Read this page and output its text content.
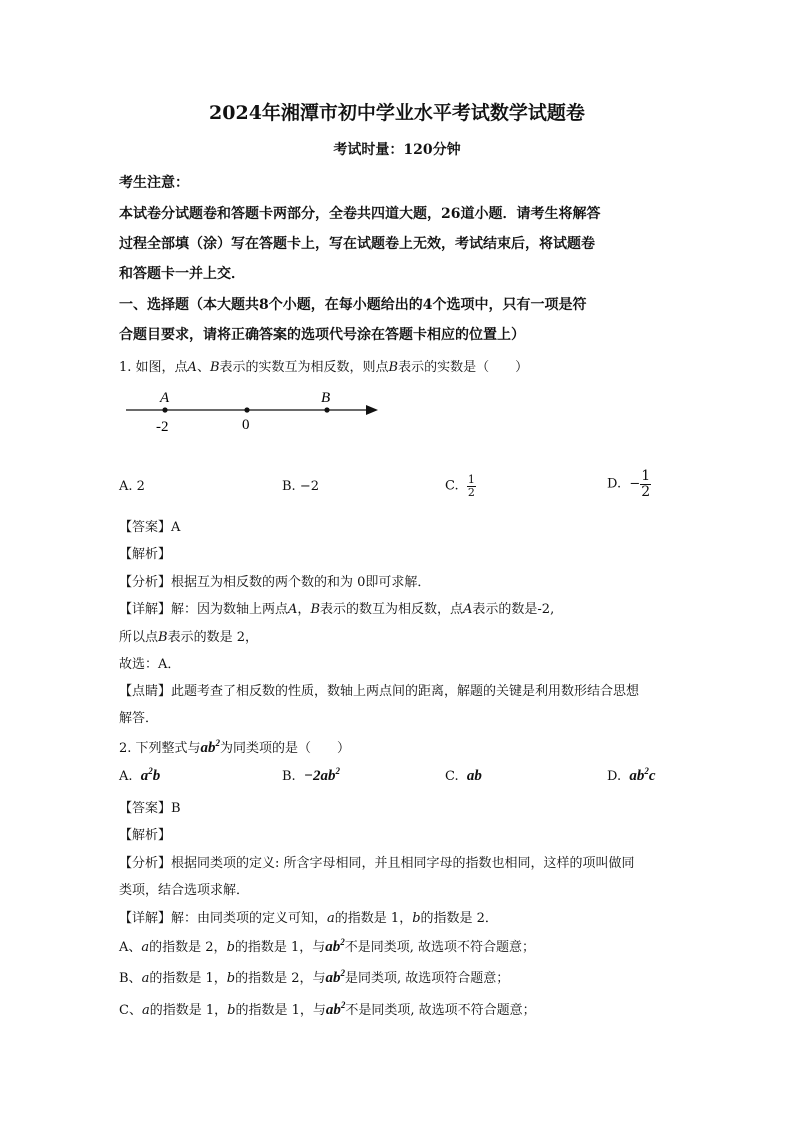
2024年湘潭市初中学业水平考试数学试题卷
考试时量：120分钟
考生注意：
本试卷分试题卷和答题卡两部分，全卷共四道大题，26道小题．请考生将解答
过程全部填（涂）写在答题卡上，写在试题卷上无效，考试结束后，将试题卷
和答题卡一并上交．
一、选择题（本大题共8个小题，在每小题给出的4个选项中，只有一项是符
合题目要求，请将正确答案的选项代号涂在答题卡相应的位置上）
1. 如图，点A、B表示的实数互为相反数，则点B表示的实数是（　　）
A	B
-2	0
A. 2	B. −2	C. $\frac{1}{2}$	D. − $\frac{1}{2}$
【答案】A
【解析】
【分析】根据互为相反数的两个数的和为 0即可求解．
【详解】解：因为数轴上两点A，B表示的数互为相反数，点A表示的数是-2,
所以点B表示的数是 2，
故选：A．
【点睛】此题考查了相反数的性质，数轴上两点间的距离，解题的关键是利用数形结合思想
解答．
2. 下列整式与$ab^2$为同类项的是（　　）
A. $a^2b$	B. $-2ab^2$	C. ab	D. $ab^2c$
【答案】B
【解析】
【分析】根据同类项的定义: 所含字母相同，并且相同字母的指数也相同，这样的项叫做同
类项，结合选项求解．
【详解】解：由同类项的定义可知，a的指数是 1，b的指数是 2．
A、a的指数是 2，b的指数是 1，与$ab^2$不是同类项, 故选项不符合题意；
B、a的指数是 1，b的指数是 2，与$ab^2$是同类项, 故选项符合题意；
C、a的指数是 1，b的指数是 1，与$ab^2$不是同类项, 故选项不符合题意；
